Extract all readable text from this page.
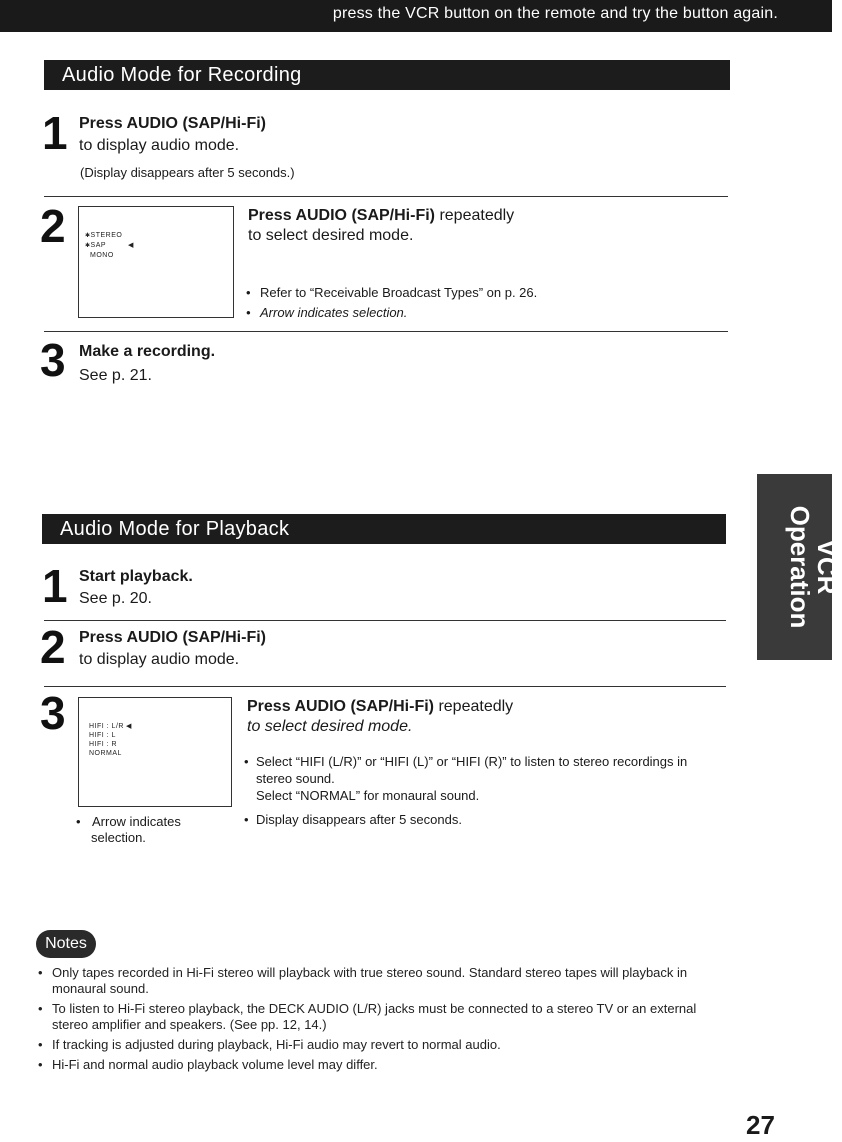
press the VCR button on the remote and try the button again.
Audio Mode for Recording
1 Press AUDIO (SAP/Hi-Fi)
to display audio mode.
(Display disappears after 5 seconds.)
2	✱STEREO
✱SAP	◀
MONO
Press AUDIO (SAP/Hi-Fi) repeatedly
to select desired mode.
• Refer to “Receivable Broadcast Types” on p. 26.
• Arrow indicates selection.
3 Make a recording.
See p. 21.
Audio Mode for Playback
1 Start playback.
See p. 20.
2 Press AUDIO (SAP/Hi-Fi)
to display audio mode.
3	HIFI : L/R ◀
HIFI : L
HIFI : R
NORMAL
Press AUDIO (SAP/Hi-Fi) repeatedly
to select desired mode.
• Select “HIFI (L/R)” or “HIFI (L)” or “HIFI (R)” to listen to stereo recordings in stereo sound.
Select “NORMAL” for monaural sound.
• Display disappears after 5 seconds.
• Arrow indicates
selection.
VCR
Operation
Notes
• Only tapes recorded in Hi-Fi stereo will playback with true stereo sound. Standard stereo tapes will playback in monaural sound.
• To listen to Hi-Fi stereo playback, the DECK AUDIO (L/R) jacks must be connected to a stereo TV or an external stereo amplifier and speakers. (See pp. 12, 14.)
• If tracking is adjusted during playback, Hi-Fi audio may revert to normal audio.
• Hi-Fi and normal audio playback volume level may differ.
27
